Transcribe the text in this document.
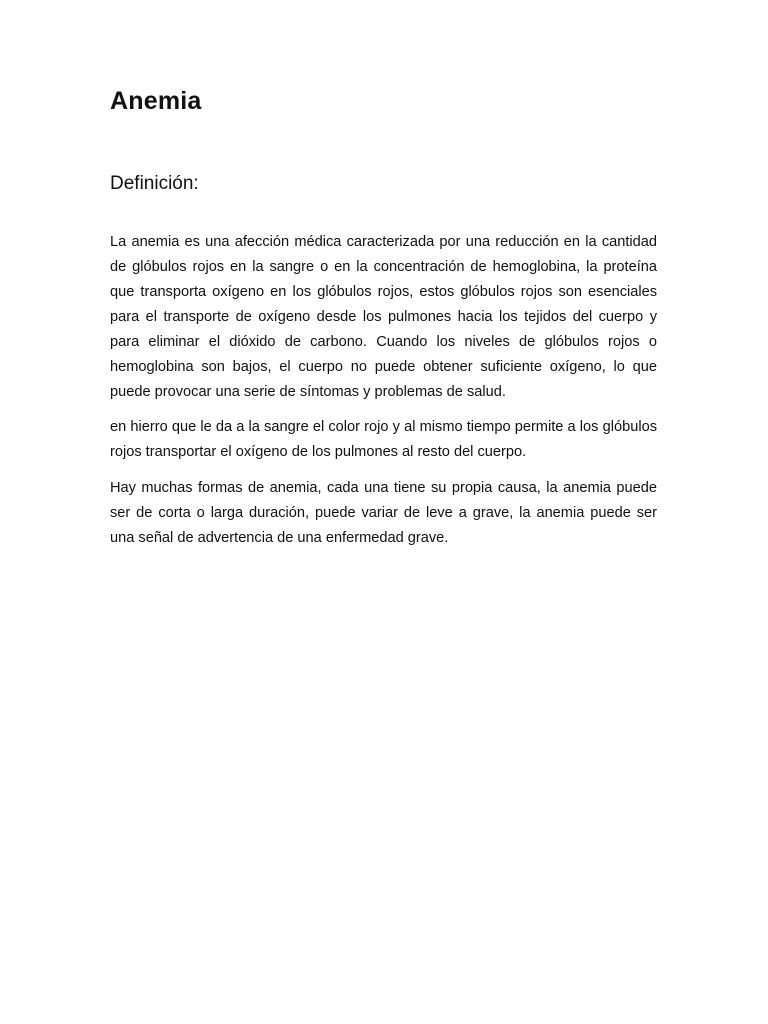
Anemia
Definición:

La anemia es una afección médica caracterizada por una reducción en la cantidad de glóbulos rojos en la sangre o en la concentración de hemoglobina, la proteína que transporta oxígeno en los glóbulos rojos, estos glóbulos rojos son esenciales para el transporte de oxígeno desde los pulmones hacia los tejidos del cuerpo y para eliminar el dióxido de carbono. Cuando los niveles de glóbulos rojos o hemoglobina son bajos, el cuerpo no puede obtener suficiente oxígeno, lo que puede provocar una serie de síntomas y problemas de salud.

en hierro que le da a la sangre el color rojo y al mismo tiempo permite a los glóbulos rojos transportar el oxígeno de los pulmones al resto del cuerpo.

Hay muchas formas de anemia, cada una tiene su propia causa, la anemia puede ser de corta o larga duración, puede variar de leve a grave, la anemia puede ser una señal de advertencia de una enfermedad grave.
